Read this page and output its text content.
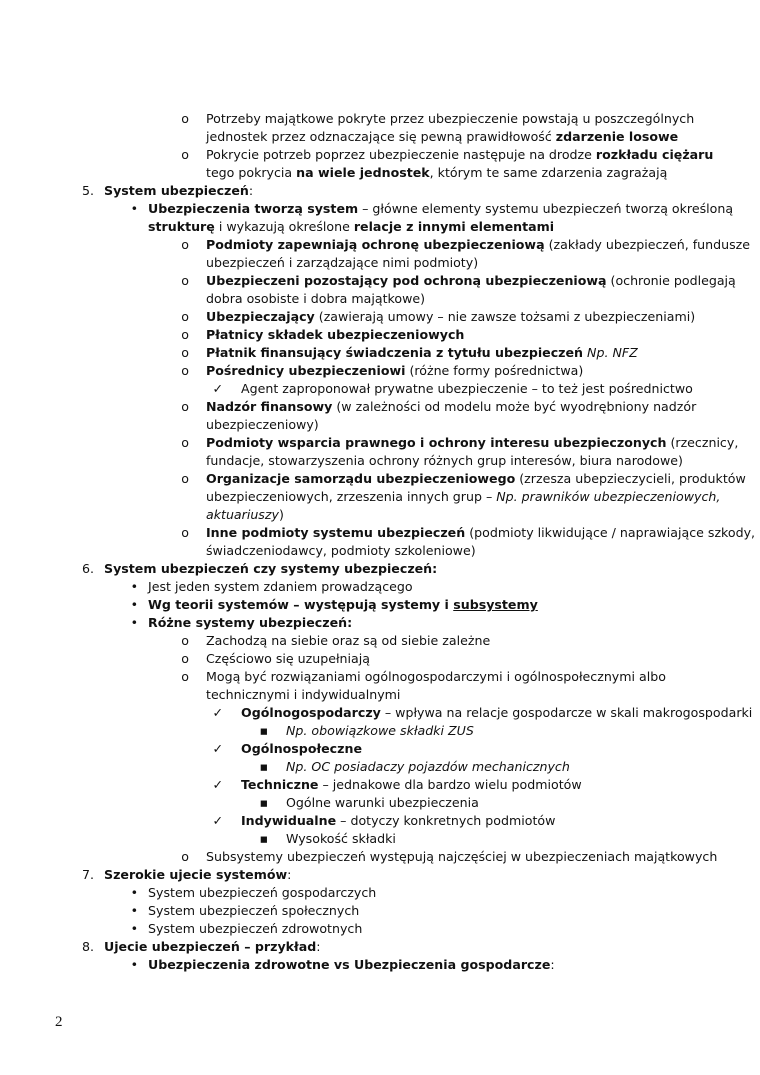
o Potrzeby majątkowe pokryte przez ubezpieczenie powstają u poszczególnych
jednostek przez odznaczające się pewną prawidłowość zdarzenie losowe
o Pokrycie potrzeb poprzez ubezpieczenie następuje na drodze rozkładu ciężaru
tego pokrycia na wiele jednostek, którym te same zdarzenia zagrażają
5. System ubezpieczeń:
• Ubezpieczenia tworzą system – główne elementy systemu ubezpieczeń tworzą określoną
strukturę i wykazują określone relacje z innymi elementami
o Podmioty zapewniają ochronę ubezpieczeniową (zakłady ubezpieczeń, fundusze
ubezpieczeń i zarządzające nimi podmioty)
o Ubezpieczeni pozostający pod ochroną ubezpieczeniową (ochronie podlegają
dobra osobiste i dobra majątkowe)
o Ubezpieczający (zawierają umowy – nie zawsze tożsami z ubezpieczeniami)
o Płatnicy składek ubezpieczeniowych
o Płatnik finansujący świadczenia z tytułu ubezpieczeń Np. NFZ
o Pośrednicy ubezpieczeniowi (różne formy pośrednictwa)
✓ Agent zaproponował prywatne ubezpieczenie – to też jest pośrednictwo
o Nadzór finansowy (w zależności od modelu może być wyodrębniony nadzór
ubezpieczeniowy)
o Podmioty wsparcia prawnego i ochrony interesu ubezpieczonych (rzecznicy,
fundacje, stowarzyszenia ochrony różnych grup interesów, biura narodowe)
o Organizacje samorządu ubezpieczeniowego (zrzesza ubepzieczycieli, produktów
ubezpieczeniowych, zrzeszenia innych grup – Np. prawników ubezpieczeniowych,
aktuariuszy)
o Inne podmioty systemu ubezpieczeń (podmioty likwidujące / naprawiające szkody,
świadczeniodawcy, podmioty szkoleniowe)
6. System ubezpieczeń czy systemy ubezpieczeń:
• Jest jeden system zdaniem prowadzącego
• Wg teorii systemów – występują systemy i subsystemy
• Różne systemy ubezpieczeń:
o Zachodzą na siebie oraz są od siebie zależne
o Częściowo się uzupełniają
o Mogą być rozwiązaniami ogólnogospodarczymi i ogólnospołecznymi albo
technicznymi i indywidualnymi
✓ Ogólnogospodarczy – wpływa na relacje gospodarcze w skali makrogospodarki
▪ Np. obowiązkowe składki ZUS
✓ Ogólnospołeczne
▪ Np. OC posiadaczy pojazdów mechanicznych
✓ Techniczne – jednakowe dla bardzo wielu podmiotów
▪ Ogólne warunki ubezpieczenia
✓ Indywidualne – dotyczy konkretnych podmiotów
▪ Wysokość składki
o Subsystemy ubezpieczeń występują najczęściej w ubezpieczeniach majątkowych
7. Szerokie ujecie systemów:
• System ubezpieczeń gospodarczych
• System ubezpieczeń społecznych
• System ubezpieczeń zdrowotnych
8. Ujecie ubezpieczeń – przykład:
• Ubezpieczenia zdrowotne vs Ubezpieczenia gospodarcze:
2
